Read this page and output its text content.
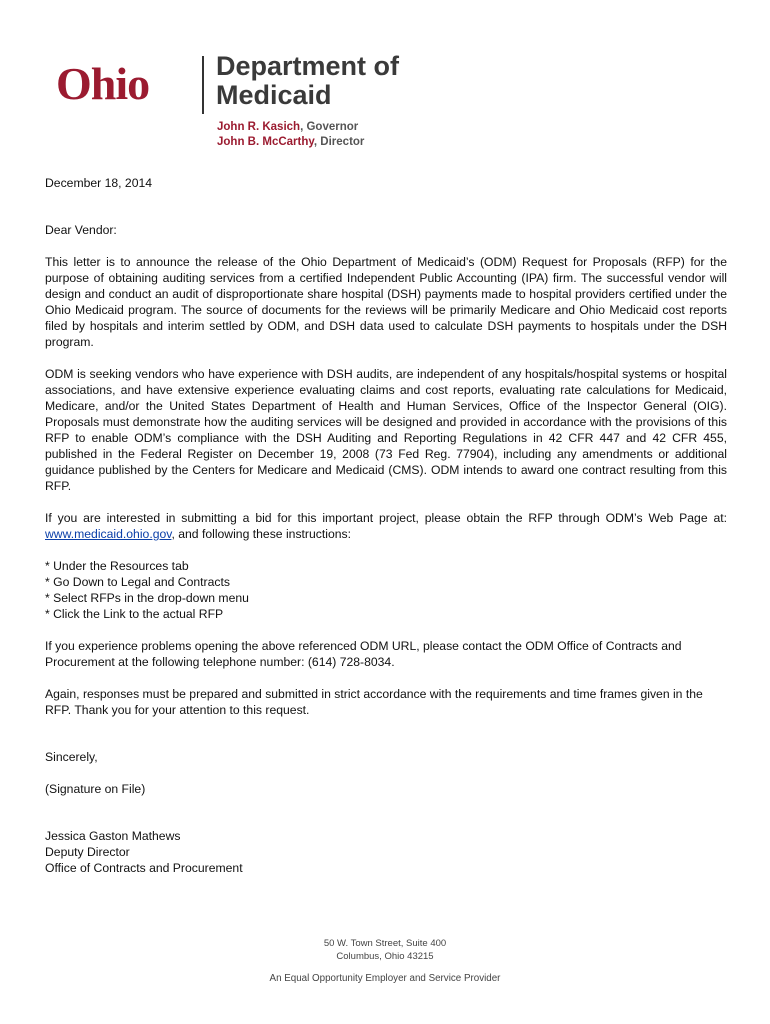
Ohio Department of
Medicaid
John R. Kasich, Governor
John B. McCarthy, Director

December 18, 2014

Dear Vendor:

This letter is to announce the release of the Ohio Department of Medicaid’s (ODM) Request for Proposals (RFP) for the purpose of obtaining auditing services from a certified Independent Public Accounting (IPA) firm. The successful vendor will design and conduct an audit of disproportionate share hospital (DSH) payments made to hospital providers certified under the Ohio Medicaid program. The source of documents for the reviews will be primarily Medicare and Ohio Medicaid cost reports filed by hospitals and interim settled by ODM, and DSH data used to calculate DSH payments to hospitals under the DSH program.

ODM is seeking vendors who have experience with DSH audits, are independent of any hospitals/hospital systems or hospital associations, and have extensive experience evaluating claims and cost reports, evaluating rate calculations for Medicaid, Medicare, and/or the United States Department of Health and Human Services, Office of the Inspector General (OIG). Proposals must demonstrate how the auditing services will be designed and provided in accordance with the provisions of this RFP to enable ODM’s compliance with the DSH Auditing and Reporting Regulations in 42 CFR 447 and 42 CFR 455, published in the Federal Register on December 19, 2008 (73 Fed Reg. 77904), including any amendments or additional guidance published by the Centers for Medicare and Medicaid (CMS). ODM intends to award one contract resulting from this RFP.

If you are interested in submitting a bid for this important project, please obtain the RFP through ODM’s Web Page at: www.medicaid.ohio.gov, and following these instructions:

* Under the Resources tab

* Go Down to Legal and Contracts

* Select RFPs in the drop-down menu

* Click the Link to the actual RFP

If you experience problems opening the above referenced ODM URL, please contact the ODM Office of Contracts and Procurement at the following telephone number: (614) 728-8034.

Again, responses must be prepared and submitted in strict accordance with the requirements and time frames given in the RFP. Thank you for your attention to this request.

Sincerely,

(Signature on File)

Jessica Gaston Mathews

Deputy Director

Office of Contracts and Procurement

50 W. Town Street, Suite 400
Columbus, Ohio 43215
An Equal Opportunity Employer and Service Provider
